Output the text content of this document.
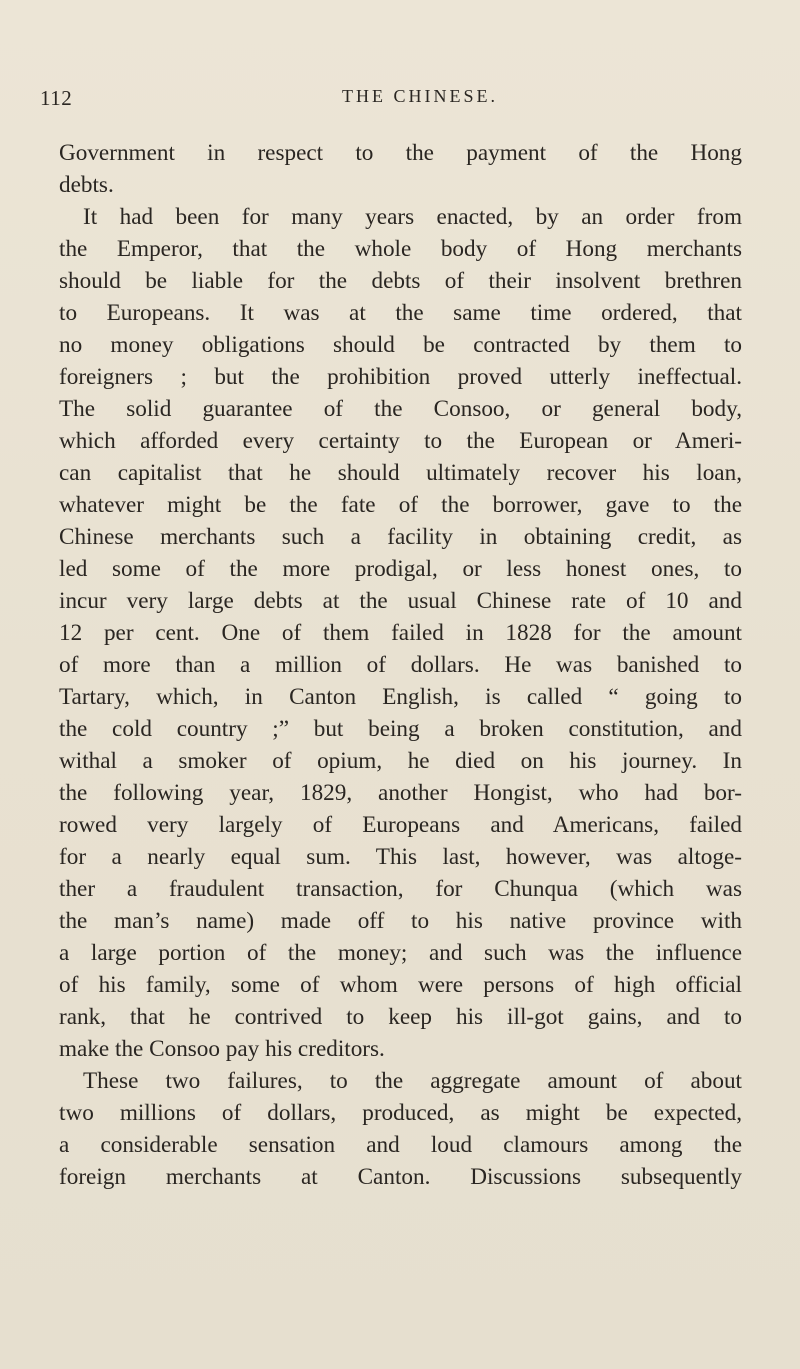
112	THE CHINESE.
Government in respect to the payment of the Hong
debts.
It had been for many years enacted, by an order from
the Emperor, that the whole body of Hong merchants
should be liable for the debts of their insolvent brethren
to Europeans. It was at the same time ordered, that
no money obligations should be contracted by them to
foreigners ; but the prohibition proved utterly ineffectual.
The solid guarantee of the Consoo, or general body,
which afforded every certainty to the European or Ameri-
can capitalist that he should ultimately recover his loan,
whatever might be the fate of the borrower, gave to the
Chinese merchants such a facility in obtaining credit, as
led some of the more prodigal, or less honest ones, to
incur very large debts at the usual Chinese rate of 10 and
12 per cent. One of them failed in 1828 for the amount
of more than a million of dollars. He was banished to
Tartary, which, in Canton English, is called “ going to
the cold country ;” but being a broken constitution, and
withal a smoker of opium, he died on his journey. In
the following year, 1829, another Hongist, who had bor-
rowed very largely of Europeans and Americans, failed
for a nearly equal sum. This last, however, was altoge-
ther a fraudulent transaction, for Chunqua (which was
the man’s name) made off to his native province with
a large portion of the money; and such was the influence
of his family, some of whom were persons of high official
rank, that he contrived to keep his ill-got gains, and to
make the Consoo pay his creditors.
These two failures, to the aggregate amount of about
two millions of dollars, produced, as might be expected,
a considerable sensation and loud clamours among the
foreign merchants at Canton. Discussions subsequently
